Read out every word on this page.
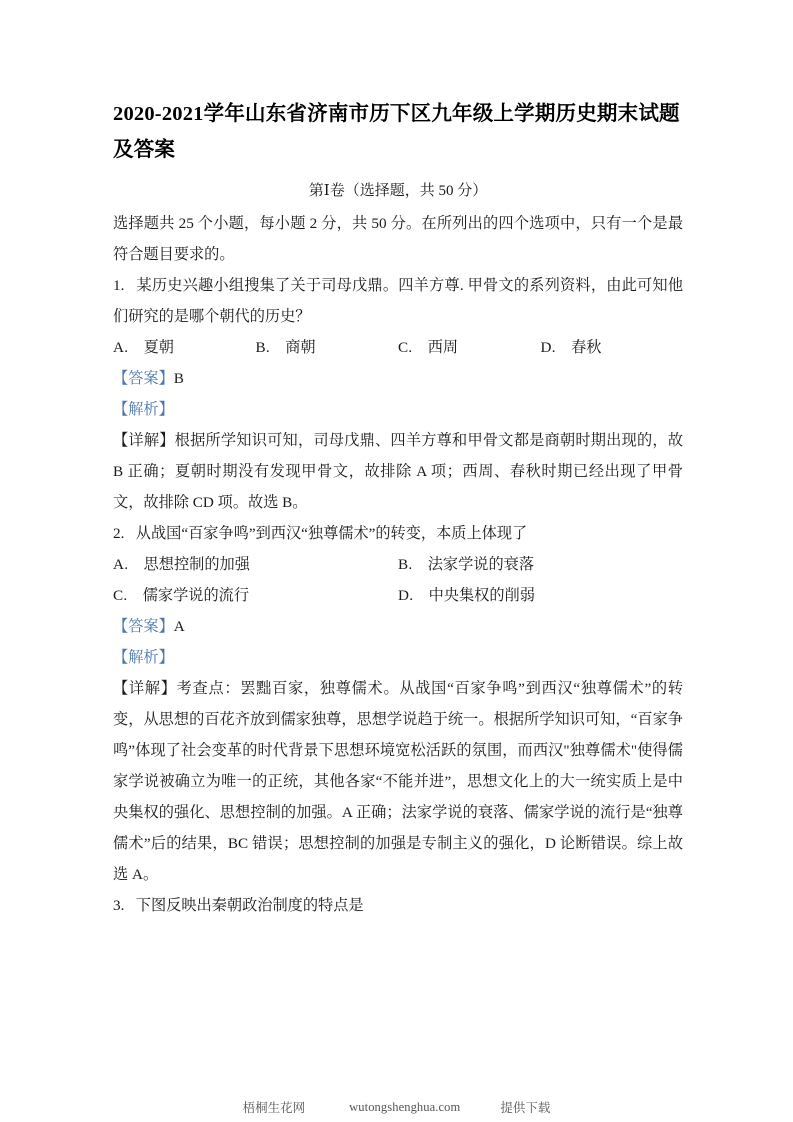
2020-2021学年山东省济南市历下区九年级上学期历史期末试题及答案

第Ⅰ卷（选择题，共 50 分）

选择题共 25 个小题，每小题 2 分，共 50 分。在所列出的四个选项中，只有一个是最符合题目要求的。

1. 某历史兴趣小组搜集了关于司母戊鼎。四羊方尊. 甲骨文的系列资料，由此可知他们研究的是哪个朝代的历史？

A. 夏朝	B. 商朝	C. 西周	D. 春秋

【答案】B

【解析】

【详解】根据所学知识可知，司母戊鼎、四羊方尊和甲骨文都是商朝时期出现的，故 B 正确；夏朝时期没有发现甲骨文，故排除 A 项；西周、春秋时期已经出现了甲骨文，故排除 CD 项。故选 B。

2. 从战国“百家争鸣”到西汉“独尊儒术”的转变，本质上体现了

A. 思想控制的加强	B. 法家学说的衰落
C. 儒家学说的流行	D. 中央集权的削弱

【答案】A

【解析】

【详解】考查点：罢黜百家，独尊儒术。从战国“百家争鸣”到西汉“独尊儒术”的转变，从思想的百花齐放到儒家独尊，思想学说趋于统一。根据所学知识可知，“百家争鸣”体现了社会变革的时代背景下思想环境宽松活跃的氛围，而西汉"独尊儒术"使得儒家学说被确立为唯一的正统，其他各家“不能并进”，思想文化上的大一统实质上是中央集权的强化、思想控制的加强。A 正确；法家学说的衰落、儒家学说的流行是“独尊儒术”后的结果，BC 错误；思想控制的加强是专制主义的强化，D 论断错误。综上故选 A。

3. 下图反映出秦朝政治制度的特点是

梧桐生花网	wutongshenghua.com	提供下载
